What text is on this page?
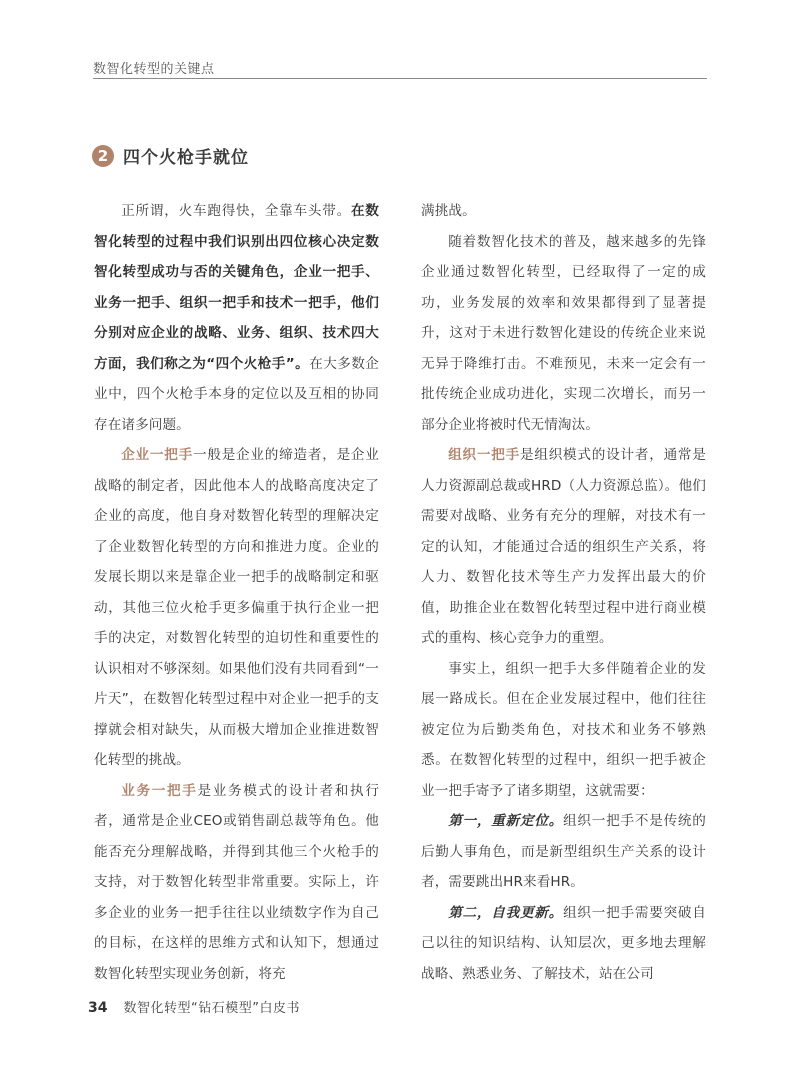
数智化转型的关键点
2 四个火枪手就位

正所谓，火车跑得快，全靠车头带。在数智化转型的过程中我们识别出四位核心决定数智化转型成功与否的关键角色，企业一把手、业务一把手、组织一把手和技术一把手，他们分别对应企业的战略、业务、组织、技术四大方面，我们称之为“四个火枪手”。在大多数企业中，四个火枪手本身的定位以及互相的协同存在诸多问题。

企业一把手一般是企业的缔造者，是企业战略的制定者，因此他本人的战略高度决定了企业的高度，他自身对数智化转型的理解决定了企业数智化转型的方向和推进力度。企业的发展长期以来是靠企业一把手的战略制定和驱动，其他三位火枪手更多偏重于执行企业一把手的决定，对数智化转型的迫切性和重要性的认识相对不够深刻。如果他们没有共同看到“一片天”，在数智化转型过程中对企业一把手的支撑就会相对缺失，从而极大增加企业推进数智化转型的挑战。

业务一把手是业务模式的设计者和执行者，通常是企业CEO或销售副总裁等角色。他能否充分理解战略，并得到其他三个火枪手的支持，对于数智化转型非常重要。实际上，许多企业的业务一把手往往以业绩数字作为自己的目标，在这样的思维方式和认知下，想通过数智化转型实现业务创新，将充

满挑战。

随着数智化技术的普及，越来越多的先锋企业通过数智化转型，已经取得了一定的成功，业务发展的效率和效果都得到了显著提升，这对于未进行数智化建设的传统企业来说无异于降维打击。不难预见，未来一定会有一批传统企业成功进化，实现二次增长，而另一部分企业将被时代无情淘汰。

组织一把手是组织模式的设计者，通常是人力资源副总裁或HRD（人力资源总监）。他们需要对战略、业务有充分的理解，对技术有一定的认知，才能通过合适的组织生产关系，将人力、数智化技术等生产力发挥出最大的价值，助推企业在数智化转型过程中进行商业模式的重构、核心竞争力的重塑。

事实上，组织一把手大多伴随着企业的发展一路成长。但在企业发展过程中，他们往往被定位为后勤类角色，对技术和业务不够熟悉。在数智化转型的过程中，组织一把手被企业一把手寄予了诸多期望，这就需要：

第一，重新定位。组织一把手不是传统的后勤人事角色，而是新型组织生产关系的设计者，需要跳出HR来看HR。

第二，自我更新。组织一把手需要突破自己以往的知识结构、认知层次，更多地去理解战略、熟悉业务、了解技术，站在公司

34 数智化转型“钻石模型”白皮书
